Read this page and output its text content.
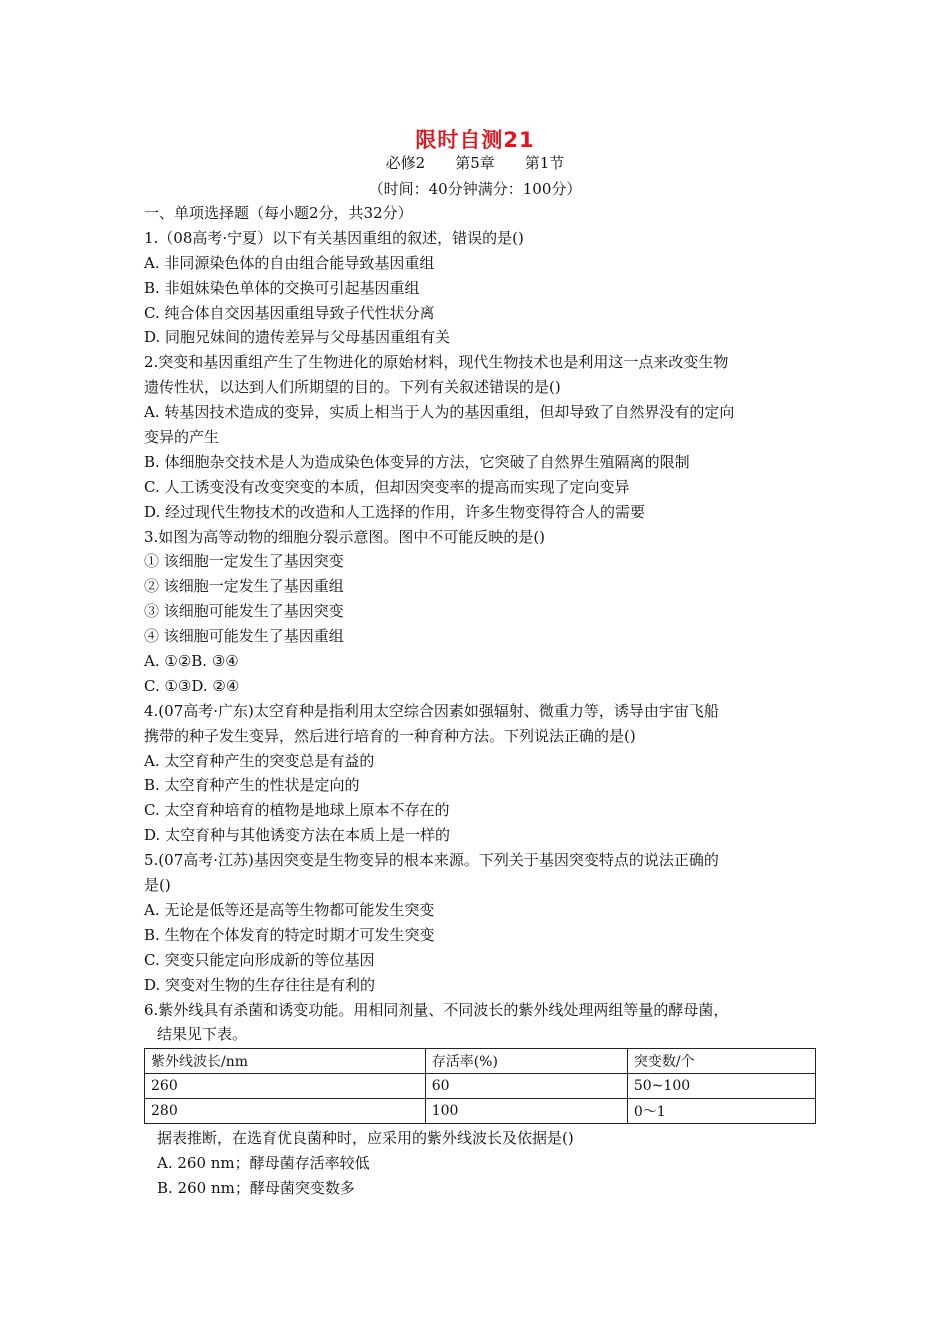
限时自测21
必修2　　第5章　　第1节
（时间：40分钟满分：100分）
一、单项选择题（每小题2分，共32分）
1.（08高考·宁夏）以下有关基因重组的叙述，错误的是()
A. 非同源染色体的自由组合能导致基因重组
B. 非姐妹染色单体的交换可引起基因重组
C. 纯合体自交因基因重组导致子代性状分离
D. 同胞兄妹间的遗传差异与父母基因重组有关
2.突变和基因重组产生了生物进化的原始材料，现代生物技术也是利用这一点来改变生物
遗传性状，以达到人们所期望的目的。下列有关叙述错误的是()
A. 转基因技术造成的变异，实质上相当于人为的基因重组，但却导致了自然界没有的定向
变异的产生
B. 体细胞杂交技术是人为造成染色体变异的方法，它突破了自然界生殖隔离的限制
C. 人工诱变没有改变突变的本质，但却因突变率的提高而实现了定向变异
D. 经过现代生物技术的改造和人工选择的作用，许多生物变得符合人的需要
3.如图为高等动物的细胞分裂示意图。图中不可能反映的是()
① 该细胞一定发生了基因突变
② 该细胞一定发生了基因重组
③ 该细胞可能发生了基因突变
④ 该细胞可能发生了基因重组
A. ①②B. ③④
C. ①③D. ②④
4.(07高考·广东)太空育种是指利用太空综合因素如强辐射、微重力等，诱导由宇宙飞船
携带的种子发生变异，然后进行培育的一种育种方法。下列说法正确的是()
A. 太空育种产生的突变总是有益的
B. 太空育种产生的性状是定向的
C. 太空育种培育的植物是地球上原本不存在的
D. 太空育种与其他诱变方法在本质上是一样的
5.(07高考·江苏)基因突变是生物变异的根本来源。下列关于基因突变特点的说法正确的
是()
A. 无论是低等还是高等生物都可能发生突变
B. 生物在个体发育的特定时期才可发生突变
C. 突变只能定向形成新的等位基因
D. 突变对生物的生存往往是有利的
6.紫外线具有杀菌和诱变功能。用相同剂量、不同波长的紫外线处理两组等量的酵母菌，
结果见下表。
紫外线波长/nm	存活率(%)	突变数/个
260	60	50~100
280	100	0～1
据表推断，在选育优良菌种时，应采用的紫外线波长及依据是()
A. 260 nm；酵母菌存活率较低
B. 260 nm；酵母菌突变数多
